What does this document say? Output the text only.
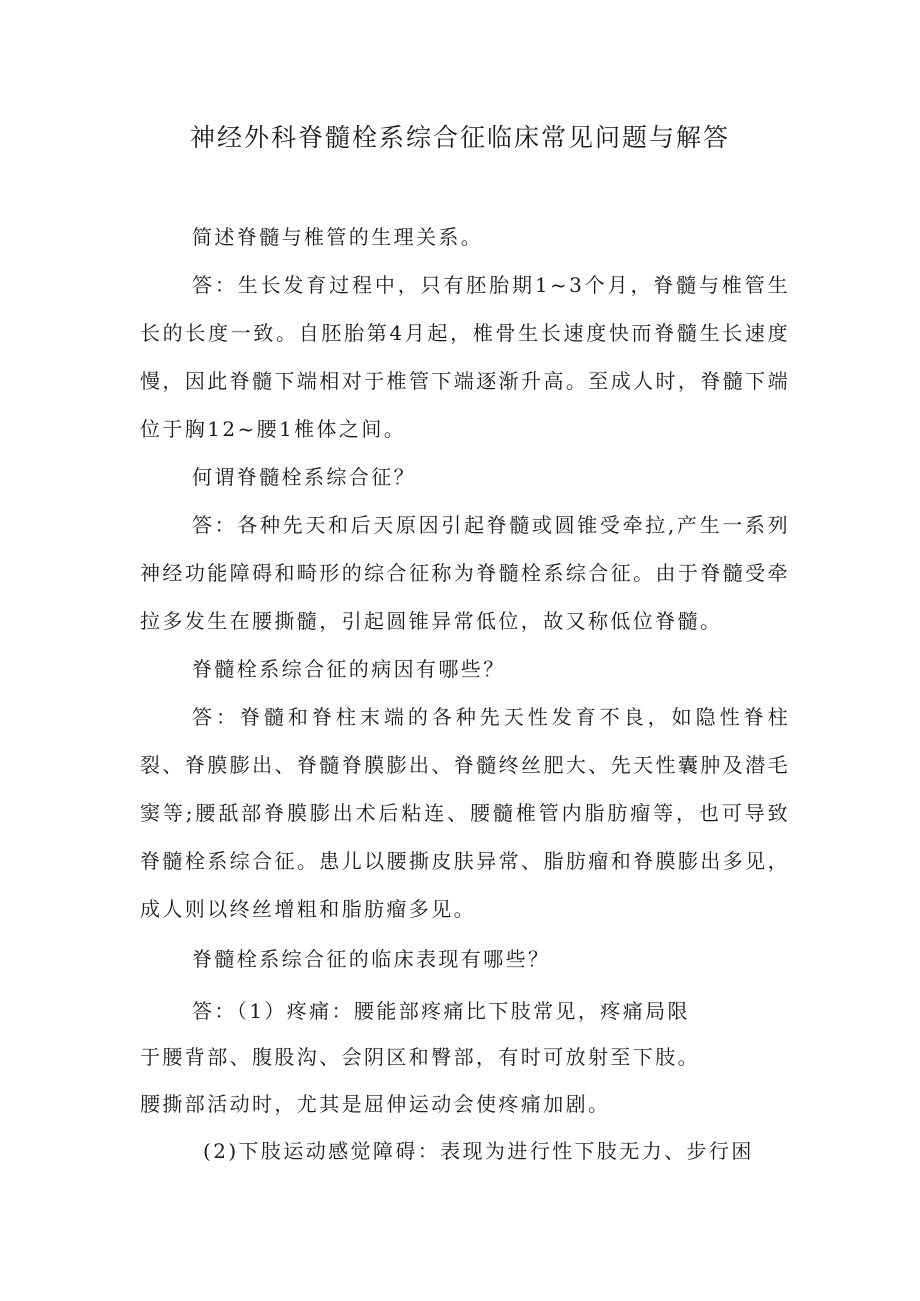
神经外科脊髓栓系综合征临床常见问题与解答

简述脊髓与椎管的生理关系。

答：生长发育过程中，只有胚胎期1~3个月，脊髓与椎管生长的长度一致。自胚胎第4月起，椎骨生长速度快而脊髓生长速度慢，因此脊髓下端相对于椎管下端逐渐升高。至成人时，脊髓下端位于胸12~腰1椎体之间。

何谓脊髓栓系综合征？

答：各种先天和后天原因引起脊髓或圆锥受牵拉,产生一系列神经功能障碍和畸形的综合征称为脊髓栓系综合征。由于脊髓受牵拉多发生在腰撕髓，引起圆锥异常低位，故又称低位脊髓。

脊髓栓系综合征的病因有哪些？

答：脊髓和脊柱末端的各种先天性发育不良，如隐性脊柱裂、脊膜膨出、脊髓脊膜膨出、脊髓终丝肥大、先天性囊肿及潜毛窦等;腰舐部脊膜膨出术后粘连、腰髓椎管内脂肪瘤等，也可导致脊髓栓系综合征。患儿以腰撕皮肤异常、脂肪瘤和脊膜膨出多见，成人则以终丝增粗和脂肪瘤多见。

脊髓栓系综合征的临床表现有哪些？

答：（1）疼痛：腰能部疼痛比下肢常见，疼痛局限

于腰背部、腹股沟、会阴区和臀部，有时可放射至下肢。

腰撕部活动时，尤其是屈伸运动会使疼痛加剧。

(2)下肢运动感觉障碍：表现为进行性下肢无力、步行困
